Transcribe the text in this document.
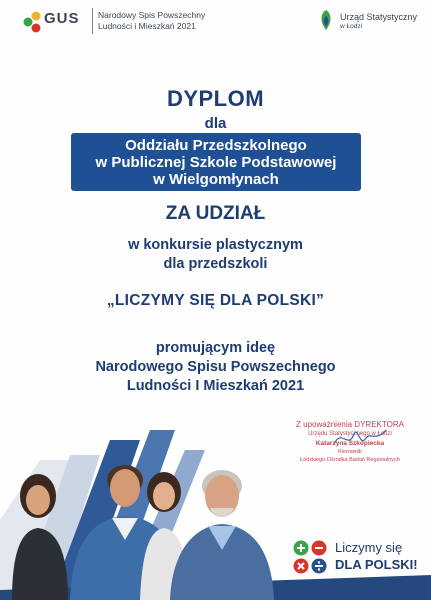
GUS Narodowy Spis Powszechny
Ludności i Mieszkań 2021
Urząd Statystyczny
w Łodzi
DYPLOM
dla
Oddziału Przedszkolnego
w Publicznej Szkole Podstawowej
w Wielgomłynach
ZA UDZIAŁ
w konkursie plastycznym
dla przedszkoli
„LICZYMY SIĘ DLA POLSKI”
promującym ideę
Narodowego Spisu Powszechnego
Ludności I Mieszkań 2021
Z upoważnienia DYREKTORA
Urzędu Statystycznego w Łodzi
Katarzyna Szkopiecka
Kierownik
Łódzkiego Ośrodka Badań Regionalnych
Liczymy się
DLA POLSKI!
